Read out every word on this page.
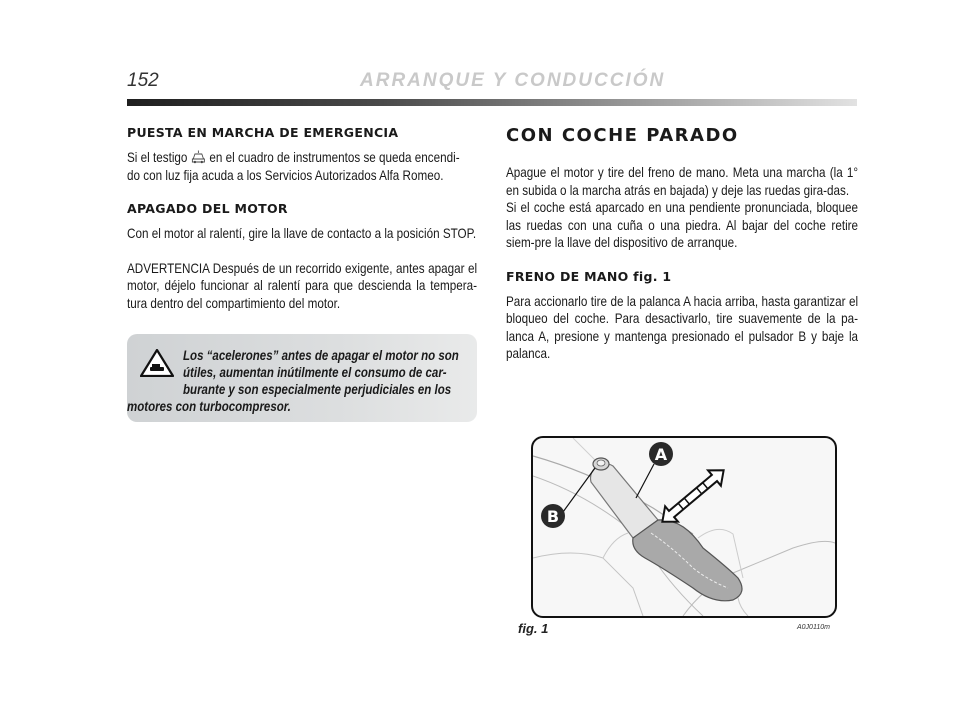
152	ARRANQUE Y CONDUCCIÓN
PUESTA EN MARCHA DE EMERGENCIA

Si el testigo en el cuadro de instrumentos se queda encendi-

do con luz fija acuda a los Servicios Autorizados Alfa Romeo.

APAGADO DEL MOTOR

Con el motor al ralentí, gire la llave de contacto a la posición STOP.

ADVERTENCIA Después de un recorrido exigente, antes apagar el motor, déjelo funcionar al ralentí para que descienda la tempera-tura dentro del compartimiento del motor.

Los “acelerones” antes de apagar el motor no son
útiles, aumentan inútilmente el consumo de car-
burante y son especialmente perjudiciales en los
motores con turbocompresor.
CON COCHE PARADO

Apague el motor y tire del freno de mano. Meta una marcha (la 1° en subida o la marcha atrás en bajada) y deje las ruedas gira-das.

Si el coche está aparcado en una pendiente pronunciada, bloquee las ruedas con una cuña o una piedra. Al bajar del coche retire siem-pre la llave del dispositivo de arranque.

FRENO DE MANO fig. 1

Para accionarlo tire de la palanca A hacia arriba, hasta garantizar el bloqueo del coche. Para desactivarlo, tire suavemente de la pa-lanca A, presione y mantenga presionado el pulsador B y baje la palanca.

A
B
fig. 1	A0J0110m
